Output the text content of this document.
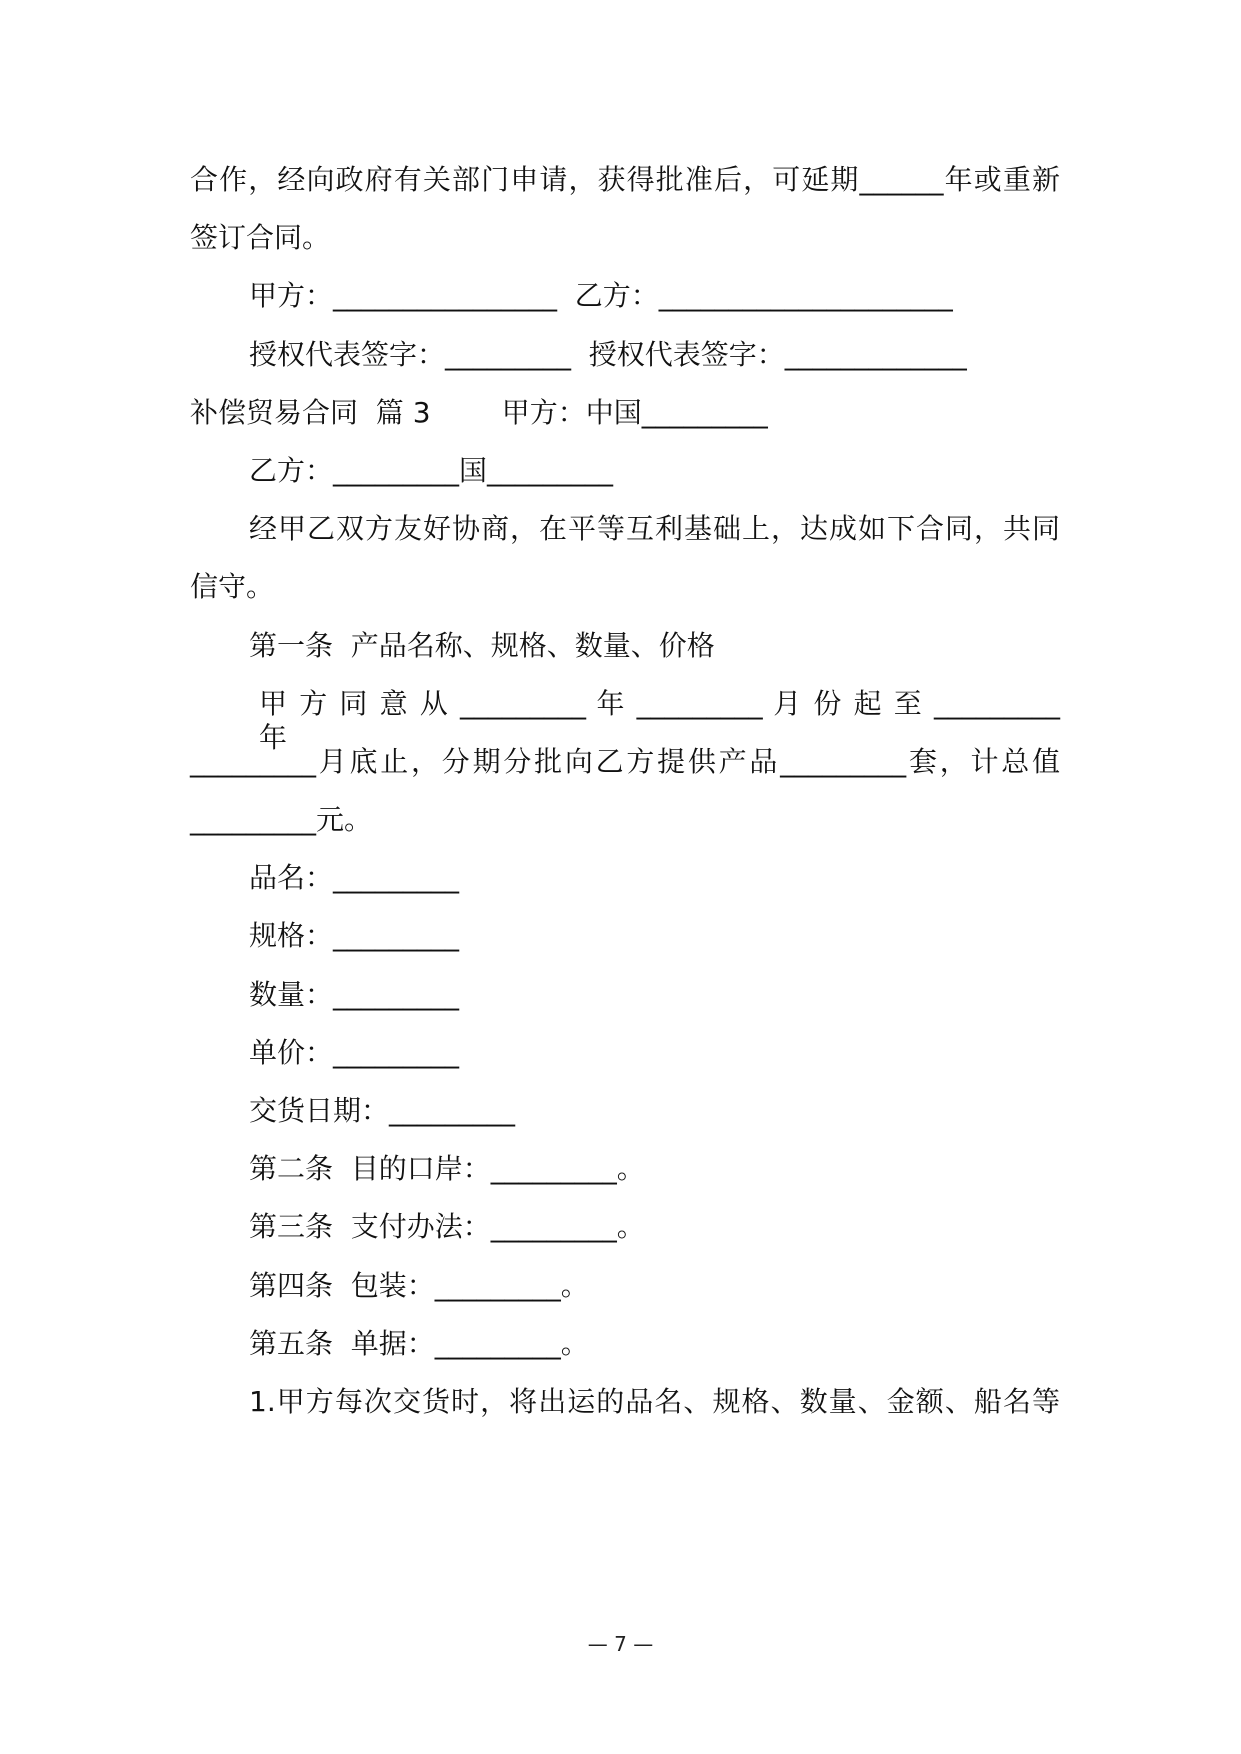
合作，经向政府有关部门申请，获得批准后，可延期______年或重新
签订合同。
甲方：________________  乙方：_____________________
授权代表签字：_________  授权代表签字：_____________
补偿贸易合同  篇 3        甲方：中国_________
乙方：_________国_________
经甲乙双方友好协商，在平等互利基础上，达成如下合同，共同
信守。
第一条  产品名称、规格、数量、价格
甲 方 同 意 从 _________ 年 _________ 月 份 起 至 _________ 年
_________月底止，分期分批向乙方提供产品_________套，计总值
_________元。
品名：_________
规格：_________
数量：_________
单价：_________
交货日期：_________
第二条  目的口岸：_________。
第三条  支付办法：_________。
第四条  包装：_________。
第五条  单据：_________。
1.甲方每次交货时，将出运的品名、规格、数量、金额、船名等
— 7 —
